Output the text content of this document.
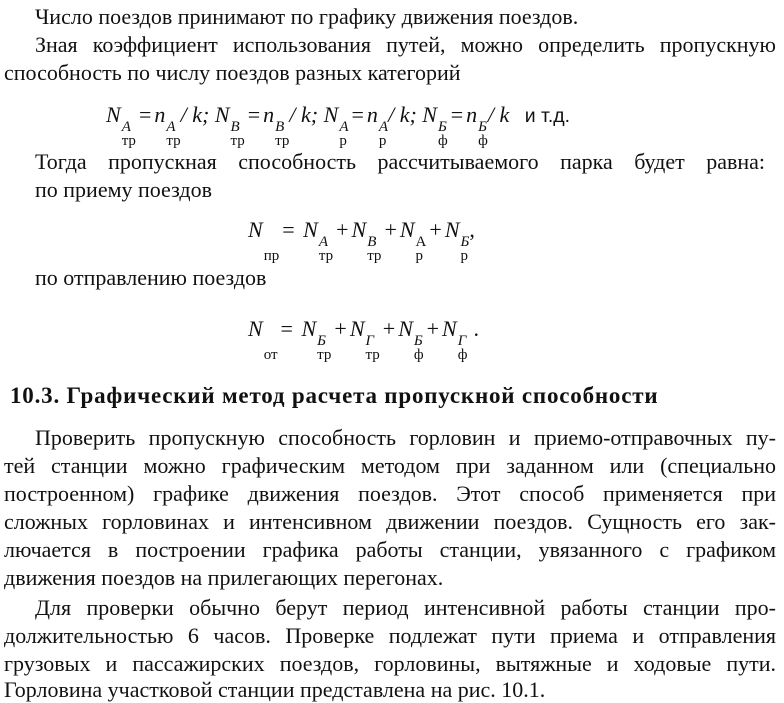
Число поездов принимают по графику движения поездов.
Зная коэффициент использования путей, можно определить пропускную
способность по числу поездов разных категорий
N A
тр
= n A
тр
/ k; N B
тр
= n B
тр
/ k; N A
р
= n A
р
/ k; N Б
ф
= n Б
ф
/ k и т.д.
Тогда пропускная способность рассчитываемого парка будет равна:
по приему поездов
N

пр
= N A
тр
+ N B
тр
+ N А
р
+ N Б
р
,
по отправлению поездов
N

от
= N Б
тр
+ N Г
тр
+ N Б
ф
+ N Г
ф
.
10.3. Графический метод расчета пропускной способности
Проверить пропускную способность горловин и приемо-отправочных пу-
тей станции можно графическим методом при заданном или (специально
построенном) графике движения поездов. Этот способ применяется при
сложных горловинах и интенсивном движении поездов. Сущность его зак-
лючается в построении графика работы станции, увязанного с графиком
движения поездов на прилегающих перегонах.
Для проверки обычно берут период интенсивной работы станции про-
должительностью 6 часов. Проверке подлежат пути приема и отправления
грузовых и пассажирских поездов, горловины, вытяжные и ходовые пути.
Горловина участковой станции представлена на рис. 10.1.
